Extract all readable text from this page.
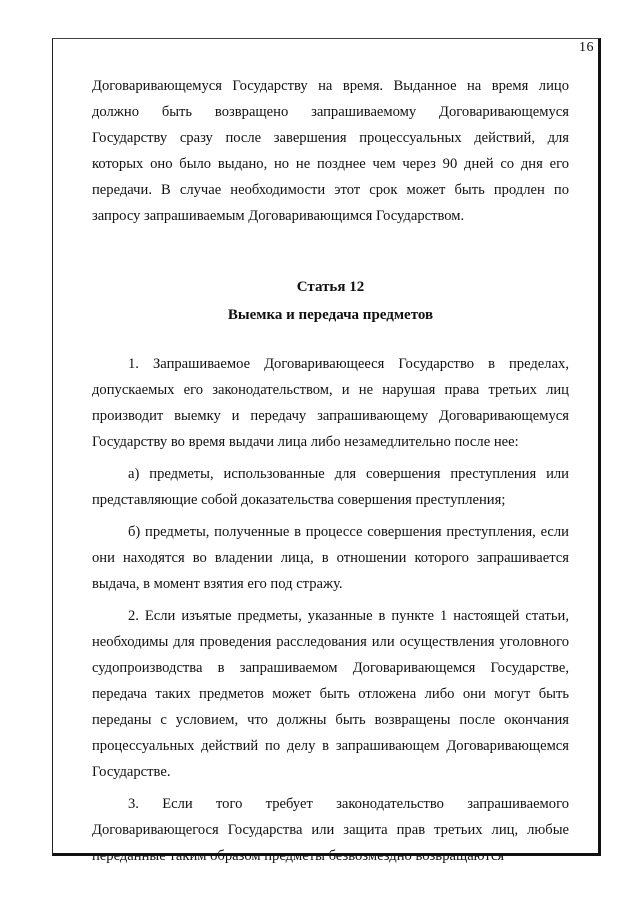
16

Договаривающемуся Государству на время. Выданное на время лицо должно быть возвращено запрашиваемому Договаривающемуся Государству сразу после завершения процессуальных действий, для которых оно было выдано, но не позднее чем через 90 дней со дня его передачи. В случае необходимости этот срок может быть продлен по запросу запрашиваемым Договаривающимся Государством.

Статья 12

Выемка и передача предметов

1. Запрашиваемое Договаривающееся Государство в пределах, допускаемых его законодательством, и не нарушая права третьих лиц производит выемку и передачу запрашивающему Договаривающемуся Государству во время выдачи лица либо незамедлительно после нее:

а) предметы, использованные для совершения преступления или представляющие собой доказательства совершения преступления;

б) предметы, полученные в процессе совершения преступления, если они находятся во владении лица, в отношении которого запрашивается выдача, в момент взятия его под стражу.

2. Если изъятые предметы, указанные в пункте 1 настоящей статьи, необходимы для проведения расследования или осуществления уголовного судопроизводства в запрашиваемом Договаривающемся Государстве, передача таких предметов может быть отложена либо они могут быть переданы с условием, что должны быть возвращены после окончания процессуальных действий по делу в запрашивающем Договаривающемся Государстве.

3. Если того требует законодательство запрашиваемого Договаривающегося Государства или защита прав третьих лиц, любые переданные таким образом предметы безвозмездно возвращаются
